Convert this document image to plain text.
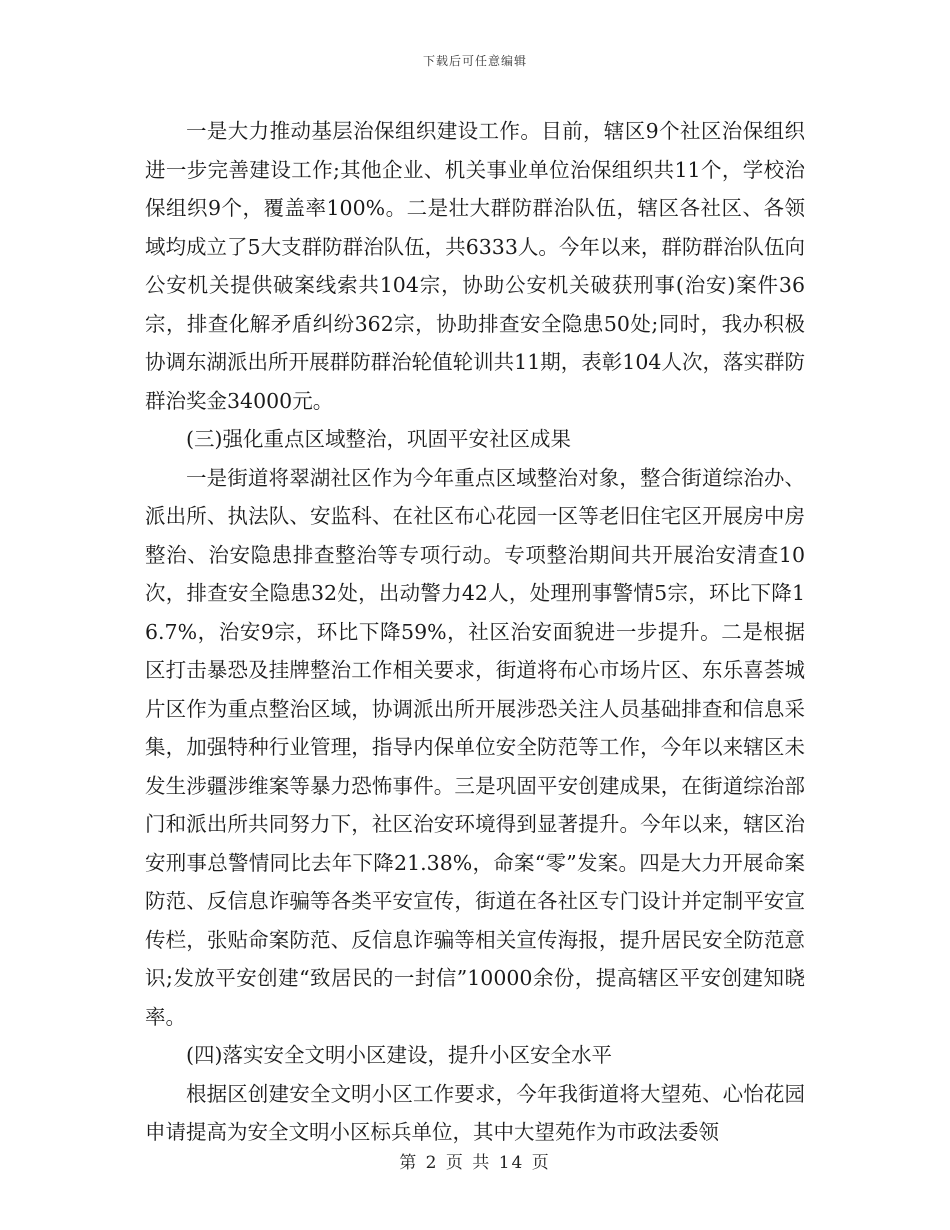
下载后可任意编辑

一是大力推动基层治保组织建设工作。目前，辖区9个社区治保组织进一步完善建设工作;其他企业、机关事业单位治保组织共11个，学校治保组织9个，覆盖率100%。二是壮大群防群治队伍，辖区各社区、各领域均成立了5大支群防群治队伍，共6333人。今年以来，群防群治队伍向公安机关提供破案线索共104宗，协助公安机关破获刑事(治安)案件36宗，排查化解矛盾纠纷362宗，协助排查安全隐患50处;同时，我办积极协调东湖派出所开展群防群治轮值轮训共11期，表彰104人次，落实群防群治奖金34000元。

(三)强化重点区域整治，巩固平安社区成果

一是街道将翠湖社区作为今年重点区域整治对象，整合街道综治办、派出所、执法队、安监科、在社区布心花园一区等老旧住宅区开展房中房整治、治安隐患排查整治等专项行动。专项整治期间共开展治安清查10次，排查安全隐患32处，出动警力42人，处理刑事警情5宗，环比下降16.7%，治安9宗，环比下降59%，社区治安面貌进一步提升。二是根据区打击暴恐及挂牌整治工作相关要求，街道将布心市场片区、东乐喜荟城片区作为重点整治区域，协调派出所开展涉恐关注人员基础排查和信息采集，加强特种行业管理，指导内保单位安全防范等工作，今年以来辖区未发生涉疆涉维案等暴力恐怖事件。三是巩固平安创建成果，在街道综治部门和派出所共同努力下，社区治安环境得到显著提升。今年以来，辖区治安刑事总警情同比去年下降21.38%，命案“零”发案。四是大力开展命案防范、反信息诈骗等各类平安宣传，街道在各社区专门设计并定制平安宣传栏，张贴命案防范、反信息诈骗等相关宣传海报，提升居民安全防范意识;发放平安创建“致居民的一封信”10000余份，提高辖区平安创建知晓率。

(四)落实安全文明小区建设，提升小区安全水平

根据区创建安全文明小区工作要求，今年我街道将大望苑、心怡花园申请提高为安全文明小区标兵单位，其中大望苑作为市政法委领

第 2 页 共 14 页
